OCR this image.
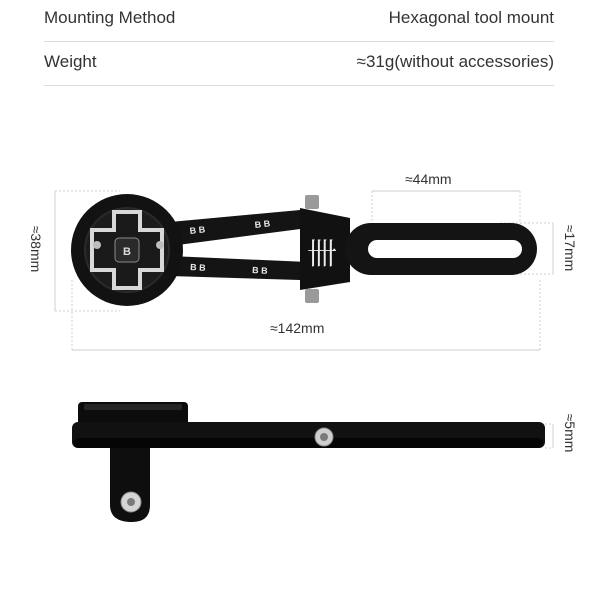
Mounting Method	Hexagonal tool mount
Weight	≈31g(without accessories)
B B
B B
B B	B B
B	卌
≈38mm
≈44mm
≈17mm
≈142mm
≈5mm
